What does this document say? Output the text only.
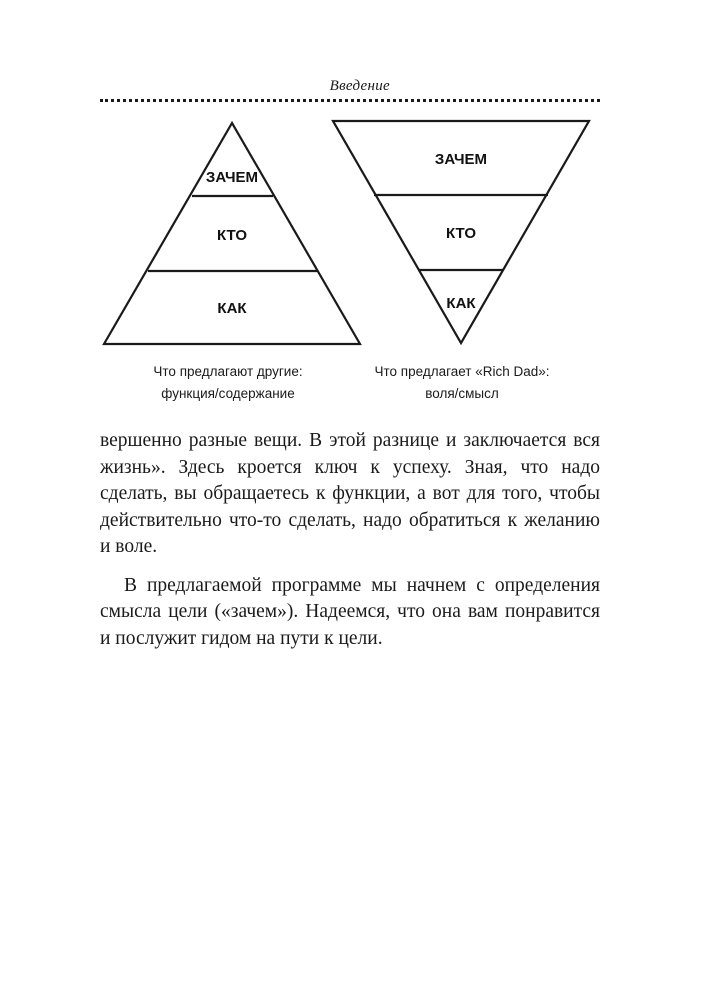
Введение
ЗАЧЕМ
КТО
КАК
ЗАЧЕМ
КТО
КАК
Что предлагают другие:
функция/содержание
Что предлагает «Rich Dad»:
воля/смысл

вершенно разные вещи. В этой разнице и заключается вся жизнь». Здесь кроется ключ к успеху. Зная, что надо сделать, вы обращаетесь к функции, а вот для того, чтобы действительно что-то сделать, надо обратиться к желанию и воле.

В предлагаемой программе мы начнем с определения смысла цели («зачем»). Надеемся, что она вам понравится и послужит гидом на пути к цели.
